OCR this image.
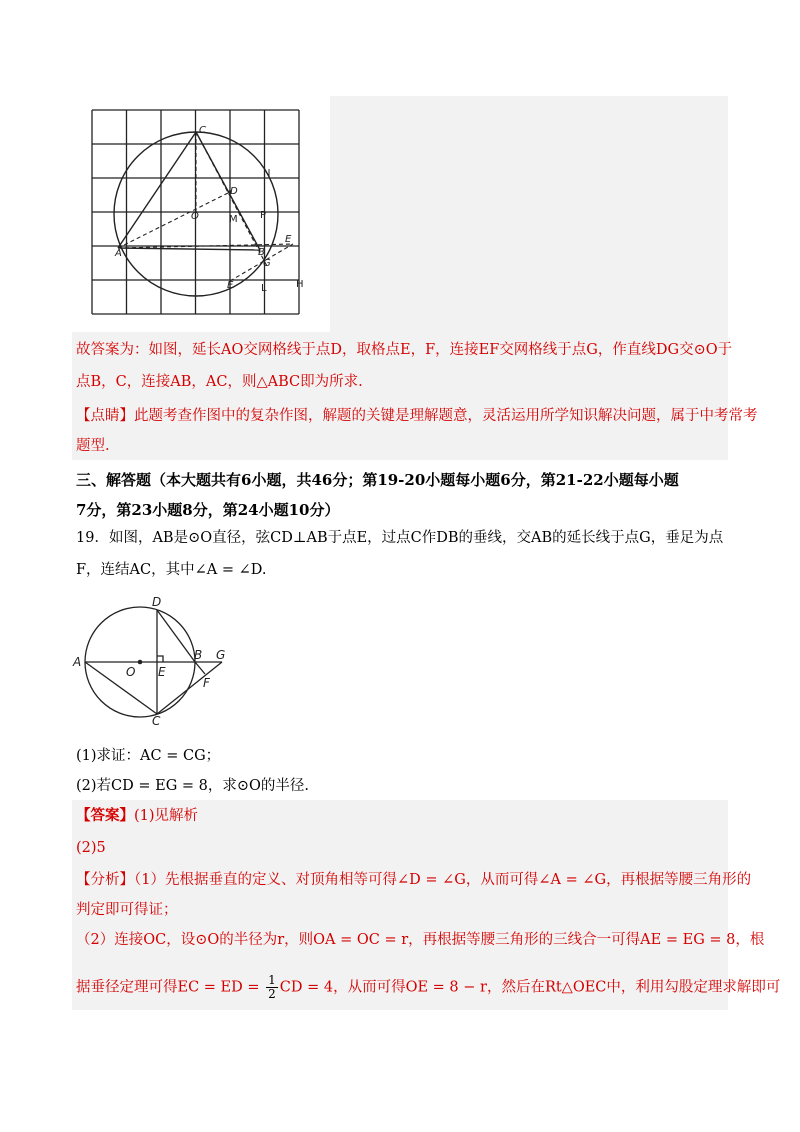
C
N
D
O	M P
A	B
E
G
E	L	H
故答案为：如图，延长AO交网格线于点D，取格点E，F，连接EF交网格线于点G，作直线DG交⊙O于
点B，C，连接AB，AC，则△ABC即为所求.
【点睛】此题考查作图中的复杂作图，解题的关键是理解题意，灵活运用所学知识解决问题，属于中考常考
题型.
三、解答题（本大题共有6小题，共46分；第19-20小题每小题6分，第21-22小题每小题
7分，第23小题8分，第24小题10分）
19．如图，AB是⊙O直径，弦CD⊥AB于点E，过点C作DB的垂线，交AB的延长线于点G，垂足为点
F，连结AC，其中∠A = ∠D.
D
A
O E
B G
F
C
(1)求证：AC = CG；
(2)若CD = EG = 8，求⊙O的半径.
【答案】(1)见解析
(2)5
【分析】（1）先根据垂直的定义、对顶角相等可得∠D = ∠G，从而可得∠A = ∠G，再根据等腰三角形的
判定即可得证；
（2）连接OC，设⊙O的半径为r，则OA = OC = r，再根据等腰三角形的三线合一可得AE = EG = 8，根
据垂径定理可得EC = ED = $\frac{1}{2}$ CD = 4，从而可得OE = 8 − r，然后在Rt△OEC中，利用勾股定理求解即可
